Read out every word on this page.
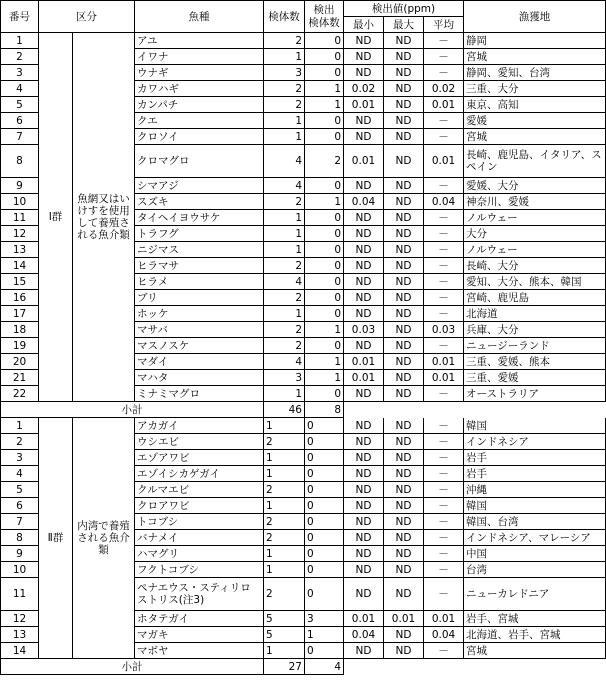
番号	区分		魚種	検体数	検出
検体数	検出値(ppm)			漁獲地
						最小	最大	平均	
1	Ⅰ群	魚網又はいけすを使用して養殖される魚介類	アユ	2	0	ND	ND	－	静岡
2			イワナ	1	0	ND	ND	－	宮城
3			ウナギ	3	0	ND	ND	－	静岡、愛知、台湾
4			カワハギ	2	1	0.02	ND	0.02	三重、大分
5			カンパチ	2	1	0.01	ND	0.01	東京、高知
6			クエ	1	0	ND	ND	－	愛媛
7			クロソイ	1	0	ND	ND	－	宮城
8			クロマグロ	4	2	0.01	ND	0.01	長崎、鹿児島、イタリア、スペイン
9			シマアジ	4	0	ND	ND	－	愛媛、大分
10			スズキ	2	1	0.04	ND	0.04	神奈川、愛媛
11			タイヘイヨウサケ	1	0	ND	ND	－	ノルウェー
12			トラフグ	1	0	ND	ND	－	大分
13			ニジマス	1	0	ND	ND	－	ノルウェー
14			ヒラマサ	2	0	ND	ND	－	長崎、大分
15			ヒラメ	4	0	ND	ND	－	愛知、大分、熊本、韓国
16			ブリ	2	0	ND	ND	－	宮崎、鹿児島
17			ホッケ	1	0	ND	ND	－	北海道
18			マサバ	2	1	0.03	ND	0.03	兵庫、大分
19			マスノスケ	2	0	ND	ND	－	ニュージーランド
20			マダイ	4	1	0.01	ND	0.01	三重、愛媛、熊本
21			マハタ	3	1	0.01	ND	0.01	三重、愛媛
22			ミナミマグロ	1	0	ND	ND	－	オーストラリア
小計				46	8				
1	Ⅱ群	内湾で養殖される魚介類	アカガイ	1	0	ND	ND	－	韓国
2			ウシエビ	2	0	ND	ND	－	インドネシア
3			エゾアワビ	1	0	ND	ND	－	岩手
4			エゾイシカゲガイ	1	0	ND	ND	－	岩手
5			クルマエビ	2	0	ND	ND	－	沖縄
6			クロアワビ	1	0	ND	ND	－	韓国
7			トコブシ	2	0	ND	ND	－	韓国、台湾
8			バナメイ	2	0	ND	ND	－	インドネシア、マレーシア
9			ハマグリ	1	0	ND	ND	－	中国
10			フクトコブシ	1	0	ND	ND	－	台湾
11			ペナエウス・スティリロストリス(注3)	2	0	ND	ND	－	ニューカレドニア
12			ホタテガイ	5	3	0.01	0.01	0.01	岩手、宮城
13			マガキ	5	1	0.04	ND	0.04	北海道、岩手、宮城
14			マボヤ	1	0	ND	ND	－	宮城
小計				27	4				
